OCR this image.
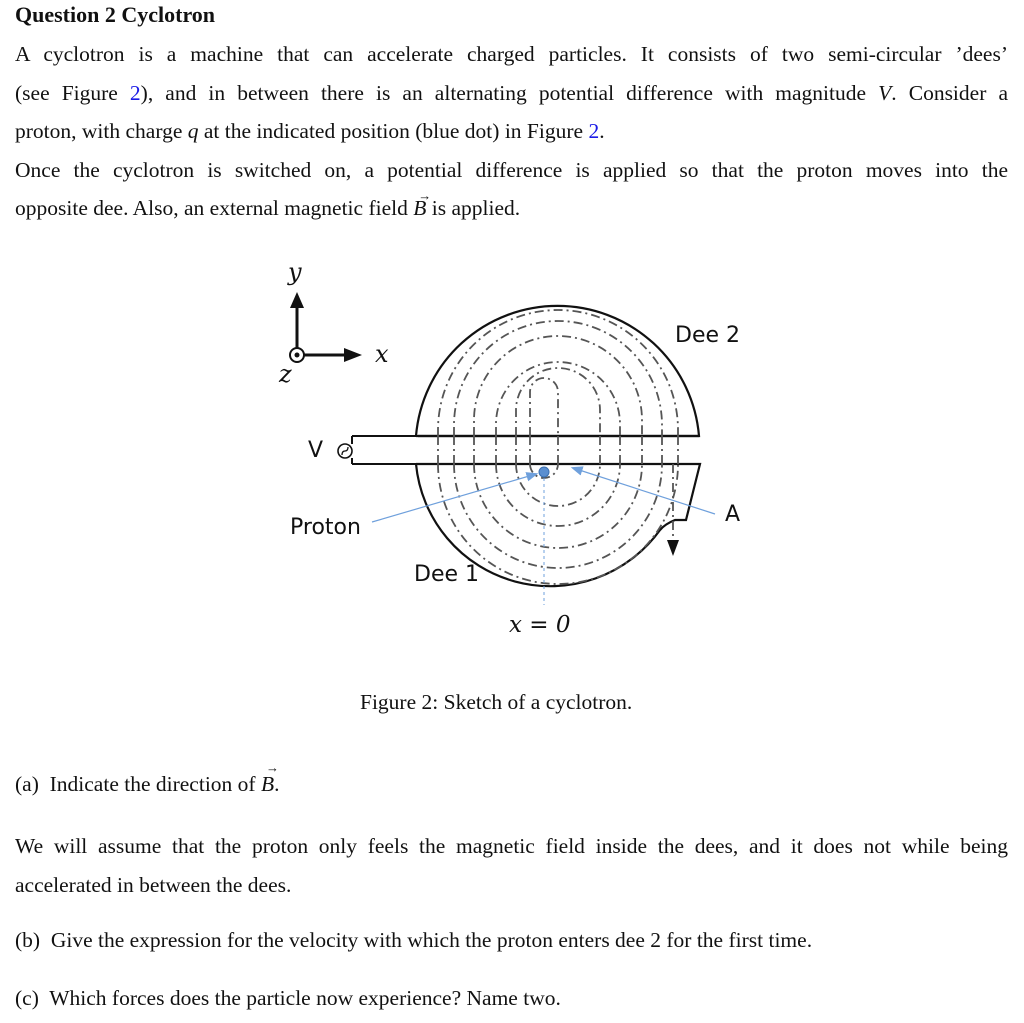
Question 2 Cyclotron
A cyclotron is a machine that can accelerate charged particles. It consists of two semi-circular ’dees’
(see Figure 2), and in between there is an alternating potential difference with magnitude V. Consider a
proton, with charge q at the indicated position (blue dot) in Figure 2.
Once the cyclotron is switched on, a potential difference is applied so that the proton moves into the
opposite dee. Also, an external magnetic field → B is applied.
y
x
z
V
Proton
Dee 1
Dee 2
A
x = 0
Figure 2: Sketch of a cyclotron.
(a) Indicate the direction of → B.
We will assume that the proton only feels the magnetic field inside the dees, and it does not while being
accelerated in between the dees.
(b) Give the expression for the velocity with which the proton enters dee 2 for the first time.
(c) Which forces does the particle now experience? Name two.
